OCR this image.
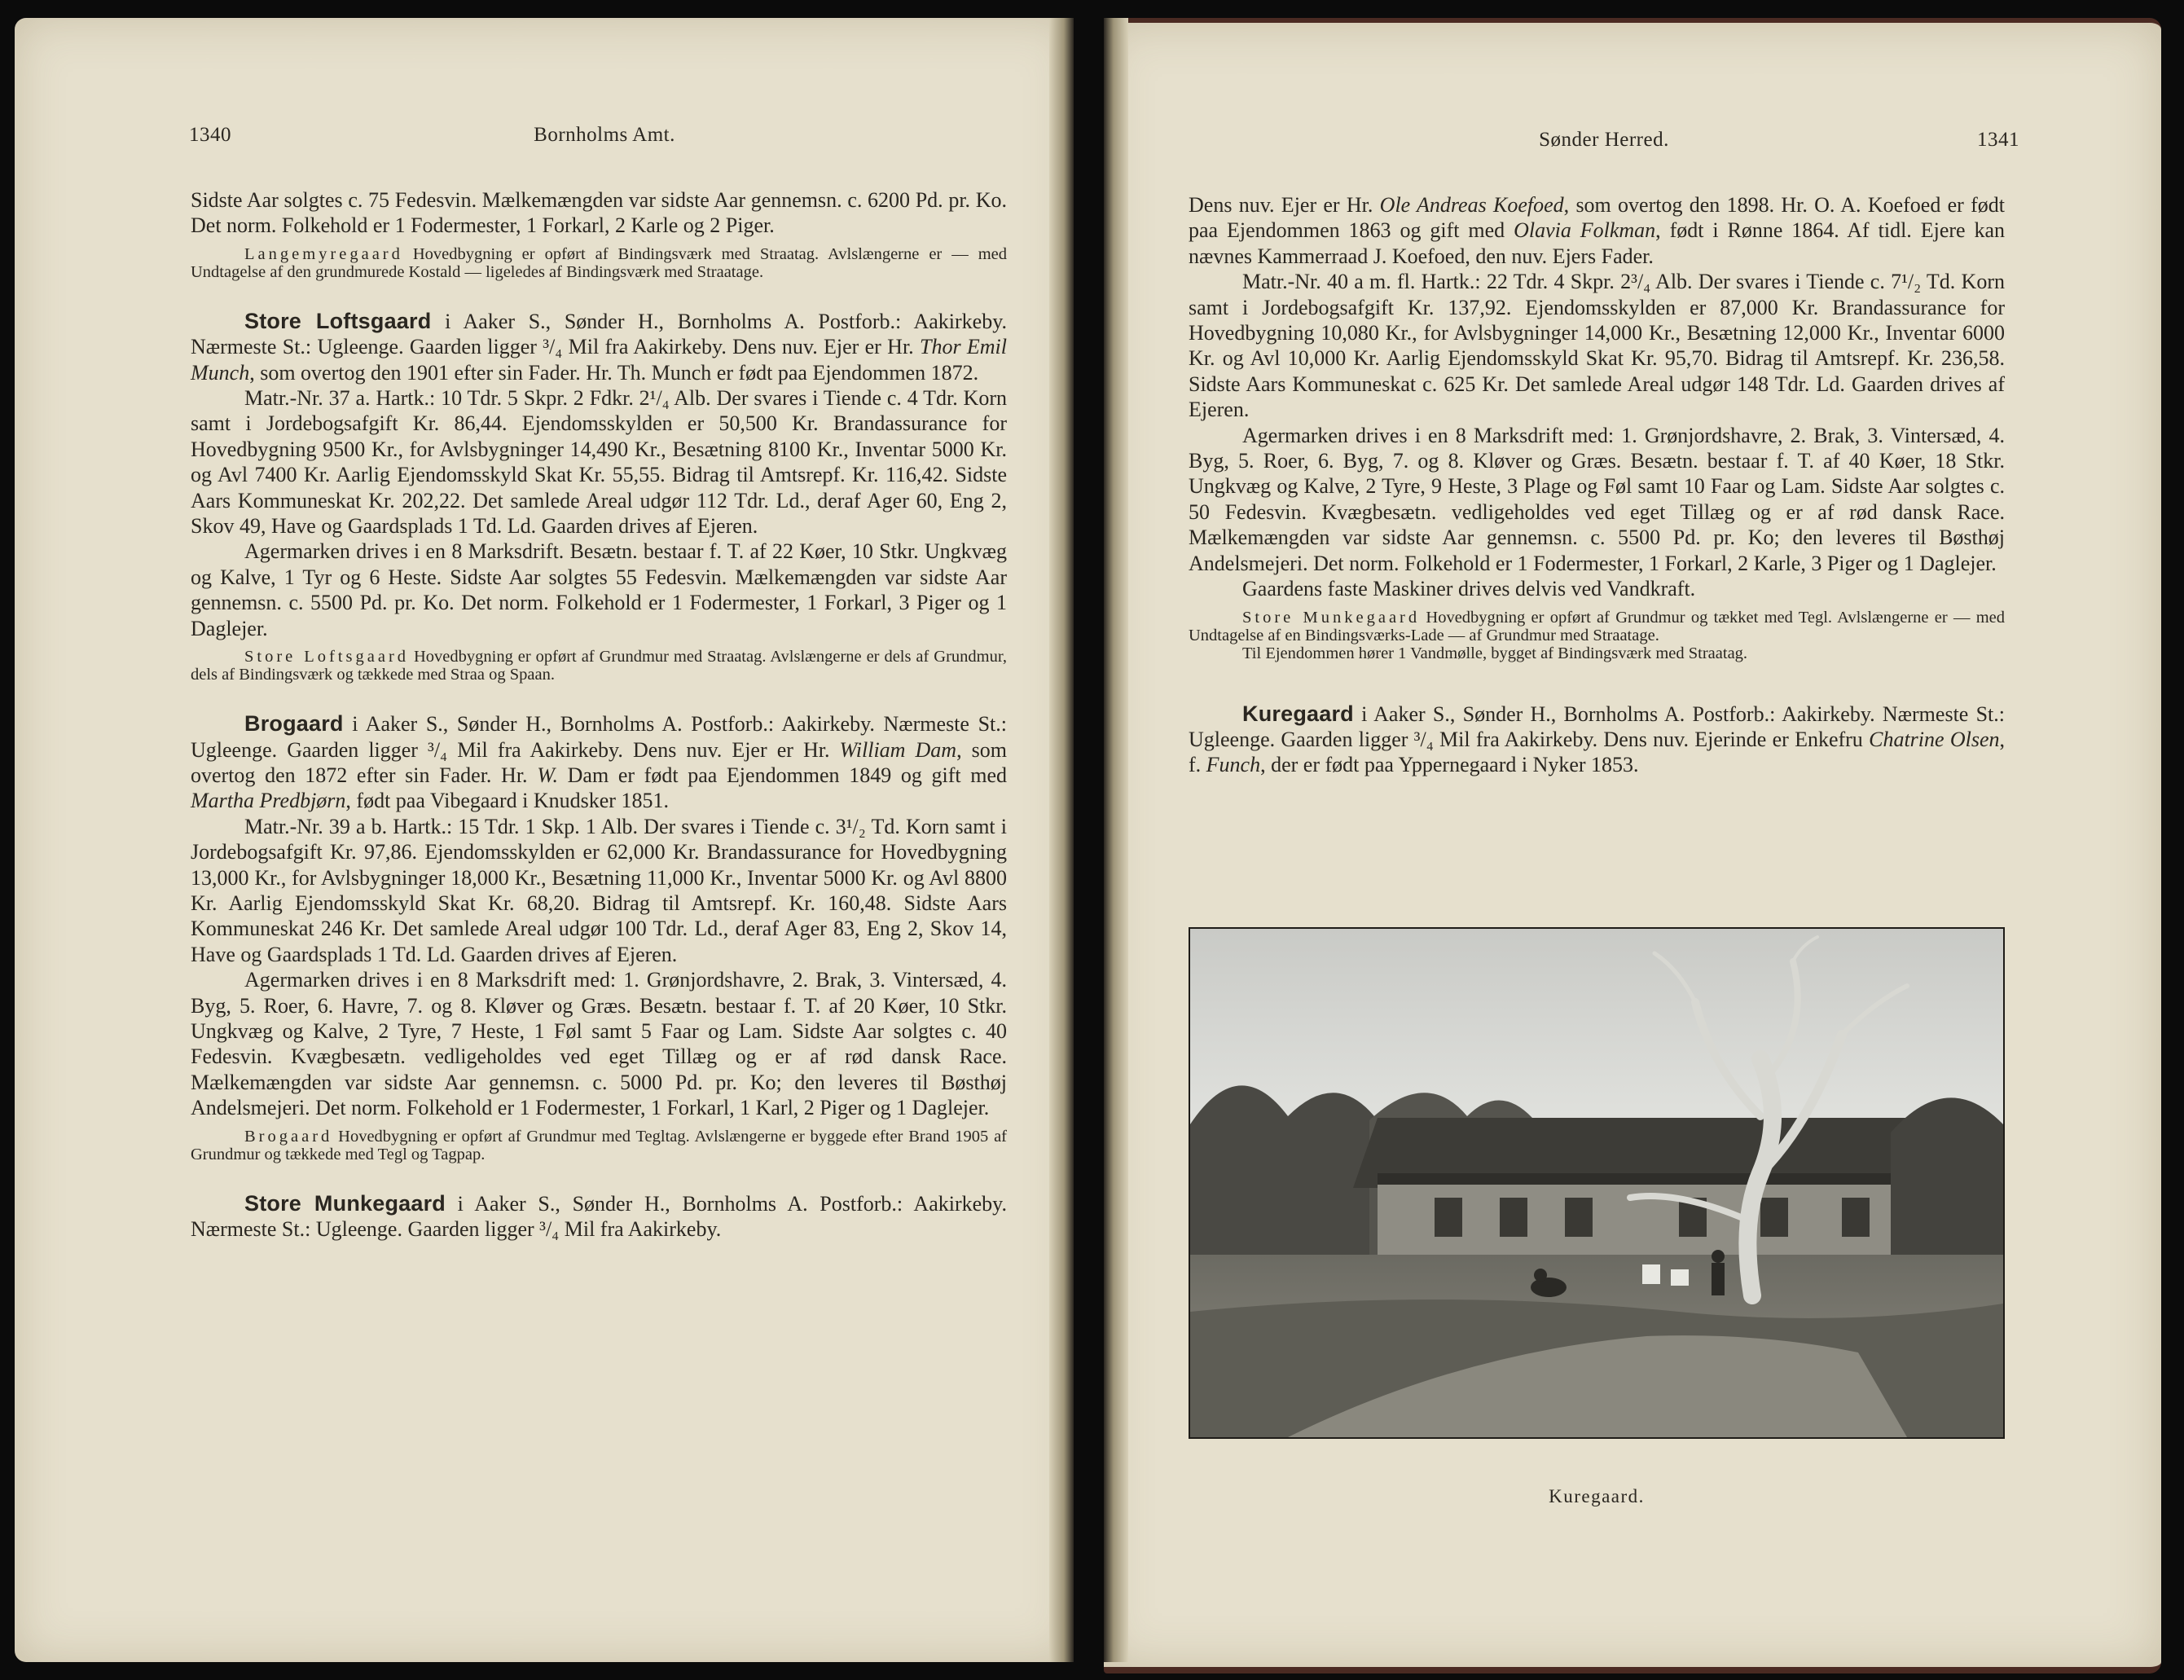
1340	Bornholms Amt.

Sidste Aar solgtes c. 75 Fedesvin. Mælkemængden var sidste Aar gennemsn. c. 6200 Pd. pr. Ko. Det norm. Folkehold er 1 Fodermester, 1 Forkarl, 2 Karle og 2 Piger.

Langemyregaard Hovedbygning er opført af Bindingsværk med Straatag. Avlslængerne er — med Undtagelse af den grundmurede Kostald — ligeledes af Bindingsværk med Straatage.

Store Loftsgaard i Aaker S., Sønder H., Bornholms A. Postforb.: Aakirkeby. Nærmeste St.: Ugleenge. Gaarden ligger ³/₄ Mil fra Aakirkeby. Dens nuv. Ejer er Hr. Thor Emil Munch, som overtog den 1901 efter sin Fader. Hr. Th. Munch er født paa Ejendommen 1872.

Matr.-Nr. 37 a. Hartk.: 10 Tdr. 5 Skpr. 2 Fdkr. 2¹/₄ Alb. Der svares i Tiende c. 4 Tdr. Korn samt i Jordebogsafgift Kr. 86,44. Ejendomsskylden er 50,500 Kr. Brandassurance for Hovedbygning 9500 Kr., for Avlsbygninger 14,490 Kr., Besætning 8100 Kr., Inventar 5000 Kr. og Avl 7400 Kr. Aarlig Ejendomsskyld Skat Kr. 55,55. Bidrag til Amtsrepf. Kr. 116,42. Sidste Aars Kommuneskat Kr. 202,22. Det samlede Areal udgør 112 Tdr. Ld., deraf Ager 60, Eng 2, Skov 49, Have og Gaardsplads 1 Td. Ld. Gaarden drives af Ejeren.

Agermarken drives i en 8 Marksdrift. Besætn. bestaar f. T. af 22 Køer, 10 Stkr. Ungkvæg og Kalve, 1 Tyr og 6 Heste. Sidste Aar solgtes 55 Fedesvin. Mælkemængden var sidste Aar gennemsn. c. 5500 Pd. pr. Ko. Det norm. Folkehold er 1 Fodermester, 1 Forkarl, 3 Piger og 1 Daglejer.

Store Loftsgaard Hovedbygning er opført af Grundmur med Straatag. Avlslængerne er dels af Grundmur, dels af Bindingsværk og tækkede med Straa og Spaan.

Brogaard i Aaker S., Sønder H., Bornholms A. Postforb.: Aakirkeby. Nærmeste St.: Ugleenge. Gaarden ligger ³/₄ Mil fra Aakirkeby. Dens nuv. Ejer er Hr. William Dam, som overtog den 1872 efter sin Fader. Hr. W. Dam er født paa Ejendommen 1849 og gift med Martha Predbjørn, født paa Vibegaard i Knudsker 1851.

Matr.-Nr. 39 a b. Hartk.: 15 Tdr. 1 Skp. 1 Alb. Der svares i Tiende c. 3¹/₂ Td. Korn samt i Jordebogsafgift Kr. 97,86. Ejendomsskylden er 62,000 Kr. Brandassurance for Hovedbygning 13,000 Kr., for Avlsbygninger 18,000 Kr., Besætning 11,000 Kr., Inventar 5000 Kr. og Avl 8800 Kr. Aarlig Ejendomsskyld Skat Kr. 68,20. Bidrag til Amtsrepf. Kr. 160,48. Sidste Aars Kommuneskat 246 Kr. Det samlede Areal udgør 100 Tdr. Ld., deraf Ager 83, Eng 2, Skov 14, Have og Gaardsplads 1 Td. Ld. Gaarden drives af Ejeren.

Agermarken drives i en 8 Marksdrift med: 1. Grønjordshavre, 2. Brak, 3. Vintersæd, 4. Byg, 5. Roer, 6. Havre, 7. og 8. Kløver og Græs. Besætn. bestaar f. T. af 20 Køer, 10 Stkr. Ungkvæg og Kalve, 2 Tyre, 7 Heste, 1 Føl samt 5 Faar og Lam. Sidste Aar solgtes c. 40 Fedesvin. Kvægbesætn. vedligeholdes ved eget Tillæg og er af rød dansk Race. Mælkemængden var sidste Aar gennemsn. c. 5000 Pd. pr. Ko; den leveres til Bøsthøj Andelsmejeri. Det norm. Folkehold er 1 Fodermester, 1 Forkarl, 1 Karl, 2 Piger og 1 Daglejer.

Brogaard Hovedbygning er opført af Grundmur med Tegltag. Avlslængerne er byggede efter Brand 1905 af Grundmur og tækkede med Tegl og Tagpap.

Store Munkegaard i Aaker S., Sønder H., Bornholms A. Postforb.: Aakirkeby. Nærmeste St.: Ugleenge. Gaarden ligger ³/₄ Mil fra Aakirkeby.

Sønder Herred.	1341

Dens nuv. Ejer er Hr. Ole Andreas Koefoed, som overtog den 1898. Hr. O. A. Koefoed er født paa Ejendommen 1863 og gift med Olavia Folkman, født i Rønne 1864. Af tidl. Ejere kan nævnes Kammerraad J. Koefoed, den nuv. Ejers Fader.

Matr.-Nr. 40 a m. fl. Hartk.: 22 Tdr. 4 Skpr. 2³/₄ Alb. Der svares i Tiende c. 7¹/₂ Td. Korn samt i Jordebogsafgift Kr. 137,92. Ejendomsskylden er 87,000 Kr. Brandassurance for Hovedbygning 10,080 Kr., for Avlsbygninger 14,000 Kr., Besætning 12,000 Kr., Inventar 6000 Kr. og Avl 10,000 Kr. Aarlig Ejendomsskyld Skat Kr. 95,70. Bidrag til Amtsrepf. Kr. 236,58. Sidste Aars Kommuneskat c. 625 Kr. Det samlede Areal udgør 148 Tdr. Ld. Gaarden drives af Ejeren.

Agermarken drives i en 8 Marksdrift med: 1. Grønjordshavre, 2. Brak, 3. Vintersæd, 4. Byg, 5. Roer, 6. Byg, 7. og 8. Kløver og Græs. Besætn. bestaar f. T. af 40 Køer, 18 Stkr. Ungkvæg og Kalve, 2 Tyre, 9 Heste, 3 Plage og Føl samt 10 Faar og Lam. Sidste Aar solgtes c. 50 Fedesvin. Kvægbesætn. vedligeholdes ved eget Tillæg og er af rød dansk Race. Mælkemængden var sidste Aar gennemsn. c. 5500 Pd. pr. Ko; den leveres til Bøsthøj Andelsmejeri. Det norm. Folkehold er 1 Fodermester, 1 Forkarl, 2 Karle, 3 Piger og 1 Daglejer.

Gaardens faste Maskiner drives delvis ved Vandkraft.

Store Munkegaard Hovedbygning er opført af Grundmur og tækket med Tegl. Avlslængerne er — med Undtagelse af en Bindingsværks-Lade — af Grundmur med Straatage.

Til Ejendommen hører 1 Vandmølle, bygget af Bindingsværk med Straatag.

Kuregaard i Aaker S., Sønder H., Bornholms A. Postforb.: Aakirkeby. Nærmeste St.: Ugleenge. Gaarden ligger ³/₄ Mil fra Aakirkeby. Dens nuv. Ejerinde er Enkefru Chatrine Olsen, f. Funch, der er født paa Yppernegaard i Nyker 1853.

Kuregaard.
